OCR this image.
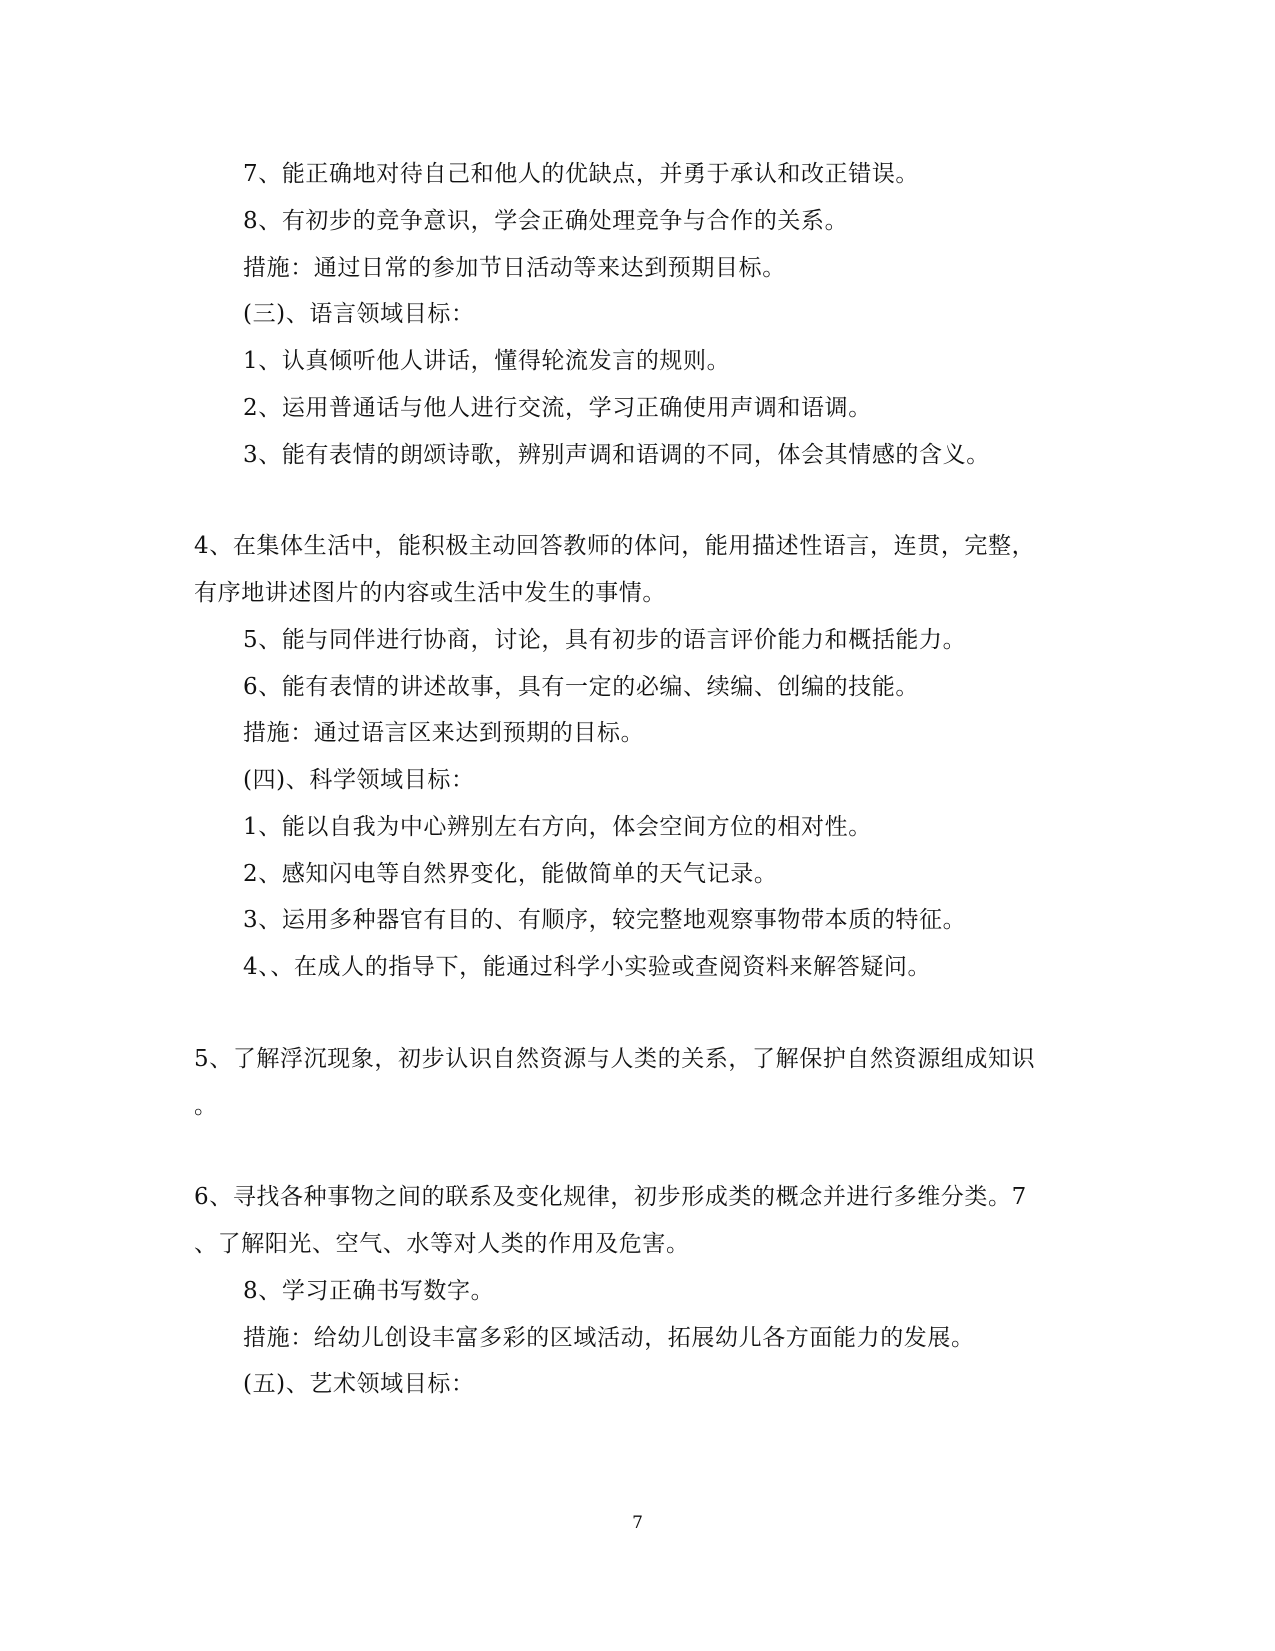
7、能正确地对待自己和他人的优缺点，并勇于承认和改正错误。
8、有初步的竞争意识，学会正确处理竞争与合作的关系。
措施：通过日常的参加节日活动等来达到预期目标。
(三)、语言领域目标：
1、认真倾听他人讲话，懂得轮流发言的规则。
2、运用普通话与他人进行交流，学习正确使用声调和语调。
3、能有表情的朗颂诗歌，辨别声调和语调的不同，体会其情感的含义。
4、在集体生活中，能积极主动回答教师的体问，能用描述性语言，连贯，完整，
有序地讲述图片的内容或生活中发生的事情。
5、能与同伴进行协商，讨论，具有初步的语言评价能力和概括能力。
6、能有表情的讲述故事，具有一定的必编、续编、创编的技能。
措施：通过语言区来达到预期的目标。
(四)、科学领域目标：
1、能以自我为中心辨别左右方向，体会空间方位的相对性。
2、感知闪电等自然界变化，能做简单的天气记录。
3、运用多种器官有目的、有顺序，较完整地观察事物带本质的特征。
4、、在成人的指导下，能通过科学小实验或查阅资料来解答疑问。
5、了解浮沉现象，初步认识自然资源与人类的关系，了解保护自然资源组成知识
。
6、寻找各种事物之间的联系及变化规律，初步形成类的概念并进行多维分类。7
、了解阳光、空气、水等对人类的作用及危害。
8、学习正确书写数字。
措施：给幼儿创设丰富多彩的区域活动，拓展幼儿各方面能力的发展。
(五)、艺术领域目标：
7
